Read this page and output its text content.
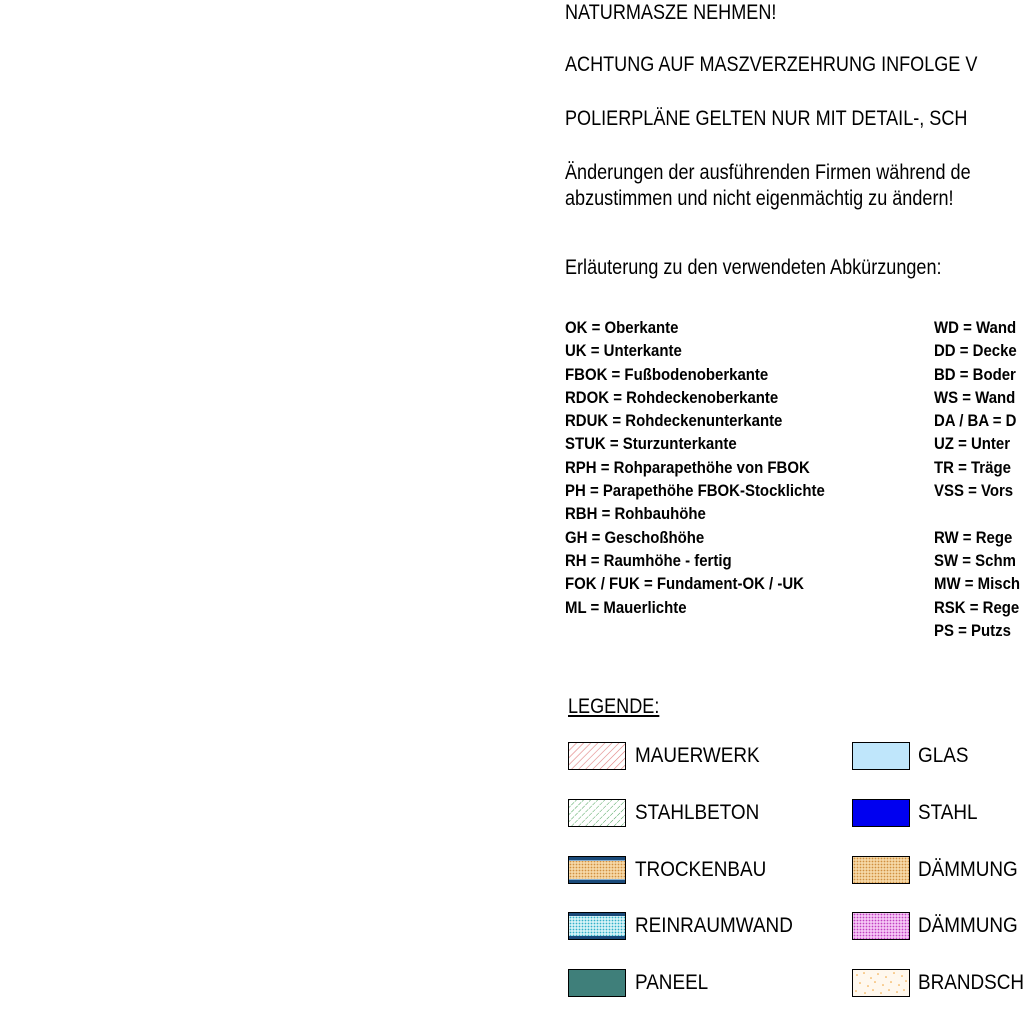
NATURMASZE NEHMEN!
ACHTUNG AUF MASZVERZEHRUNG INFOLGE V
POLIERPLÄNE GELTEN NUR MIT DETAIL-, SCH
Änderungen der ausführenden Firmen während de
abzustimmen und nicht eigenmächtig zu ändern!
Erläuterung zu den verwendeten Abkürzungen:
OK = Oberkante
UK = Unterkante
FBOK = Fußbodenoberkante
RDOK = Rohdeckenoberkante
RDUK = Rohdeckenunterkante
STUK = Sturzunterkante
RPH = Rohparapethöhe von FBOK
PH = Parapethöhe FBOK-Stocklichte
RBH = Rohbauhöhe
GH = Geschoßhöhe
RH = Raumhöhe - fertig
FOK / FUK = Fundament-OK / -UK
ML = Mauerlichte
WD = Wand
DD = Decke
BD = Boder
WS = Wand
DA / BA = D
UZ = Unter
TR = Träge
VSS = Vors
RW = Rege
SW = Schm
MW = Misch
RSK = Rege
PS = Putzs
LEGENDE:
MAUERWERK
STAHLBETON
TROCKENBAU
REINRAUMWAND
PANEEL
GLAS
STAHL
DÄMMUNG
DÄMMUNG
BRANDSCH
